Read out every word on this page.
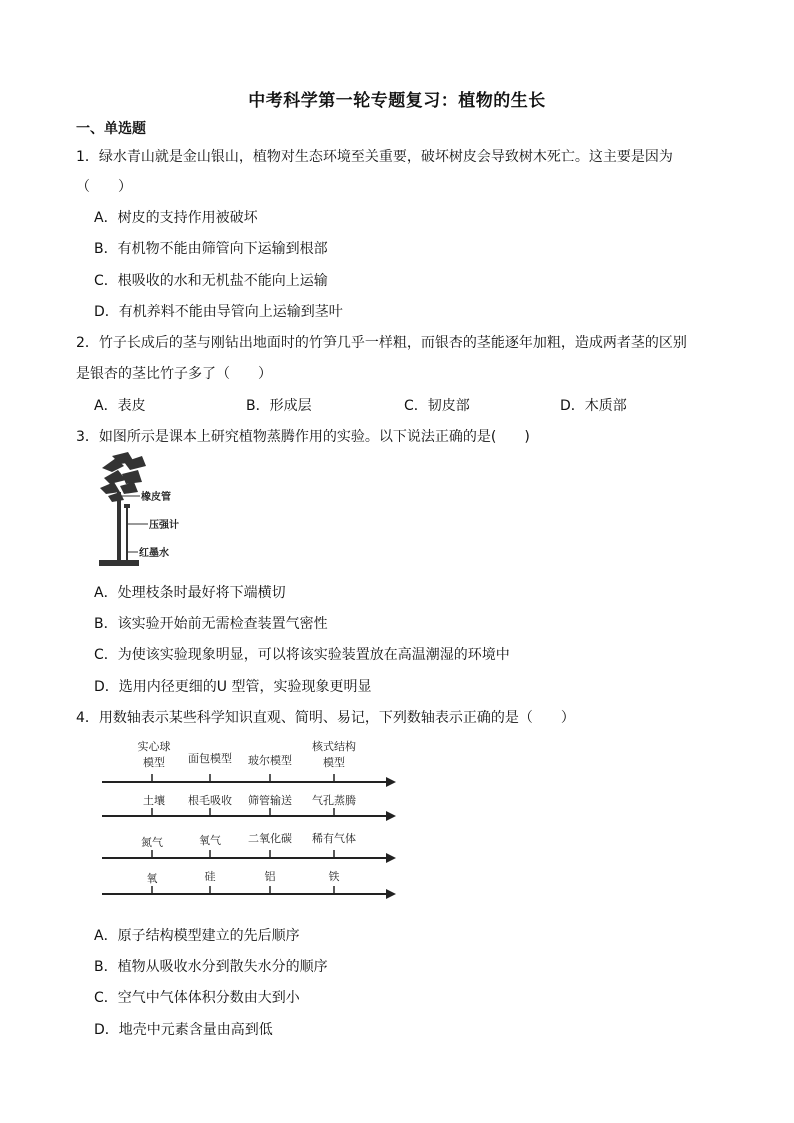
中考科学第一轮专题复习：植物的生长
一、单选题
1．绿水青山就是金山银山，植物对生态环境至关重要，破坏树皮会导致树木死亡。这主要是因为
（　　）
A．树皮的支持作用被破坏
B．有机物不能由筛管向下运输到根部
C．根吸收的水和无机盐不能向上运输
D．有机养料不能由导管向上运输到茎叶
2．竹子长成后的茎与刚钻出地面时的竹笋几乎一样粗，而银杏的茎能逐年加粗，造成两者茎的区别
是银杏的茎比竹子多了（　　）
A．表皮	B．形成层	C．韧皮部	D．木质部
3．如图所示是课本上研究植物蒸腾作用的实验。以下说法正确的是(　　)
橡皮管
压强计
红墨水
A．处理枝条时最好将下端横切
B．该实验开始前无需检查装置气密性
C．为使该实验现象明显，可以将该实验装置放在高温潮湿的环境中
D．选用内径更细的U 型管，实验现象更明显
4．用数轴表示某些科学知识直观、简明、易记，下列数轴表示正确的是（　　）
实心球
模型 面包模型 玻尔模型
核式结构
模型
土壤 根毛吸收 筛管输送 气孔蒸腾
氮气	氧气 二氧化碳 稀有气体
氧	硅	铝	铁
A．原子结构模型建立的先后顺序
B．植物从吸收水分到散失水分的顺序
C．空气中气体体积分数由大到小
D．地壳中元素含量由高到低
